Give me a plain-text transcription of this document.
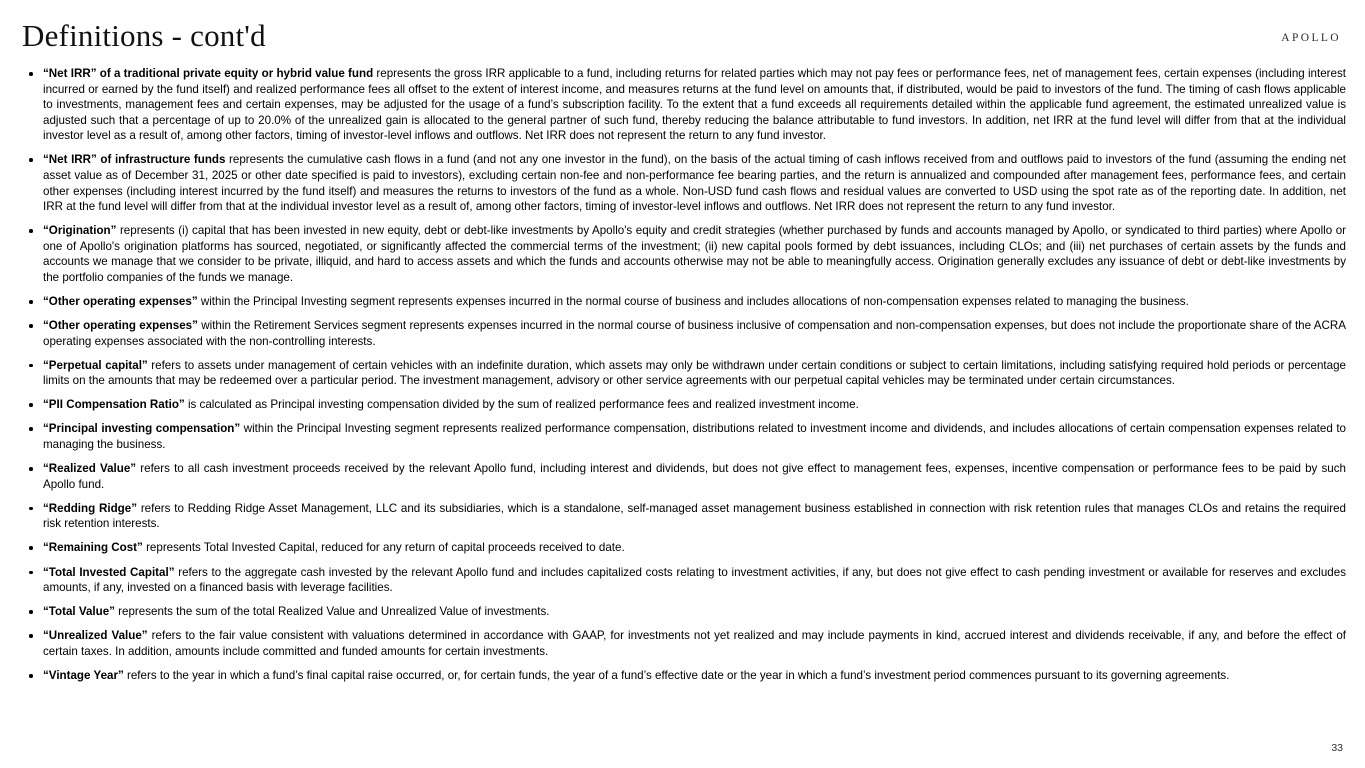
Definitions - cont'd	APOLLO
“Net IRR” of a traditional private equity or hybrid value fund represents the gross IRR applicable to a fund, including returns for related parties which may not pay fees or performance fees, net of management fees, certain expenses (including interest incurred or earned by the fund itself) and realized performance fees all offset to the extent of interest income, and measures returns at the fund level on amounts that, if distributed, would be paid to investors of the fund. The timing of cash flows applicable to investments, management fees and certain expenses, may be adjusted for the usage of a fund’s subscription facility. To the extent that a fund exceeds all requirements detailed within the applicable fund agreement, the estimated unrealized value is adjusted such that a percentage of up to 20.0% of the unrealized gain is allocated to the general partner of such fund, thereby reducing the balance attributable to fund investors. In addition, net IRR at the fund level will differ from that at the individual investor level as a result of, among other factors, timing of investor-level inflows and outflows. Net IRR does not represent the return to any fund investor.
“Net IRR” of infrastructure funds represents the cumulative cash flows in a fund (and not any one investor in the fund), on the basis of the actual timing of cash inflows received from and outflows paid to investors of the fund (assuming the ending net asset value as of December 31, 2025 or other date specified is paid to investors), excluding certain non-fee and non-performance fee bearing parties, and the return is annualized and compounded after management fees, performance fees, and certain other expenses (including interest incurred by the fund itself) and measures the returns to investors of the fund as a whole. Non-USD fund cash flows and residual values are converted to USD using the spot rate as of the reporting date. In addition, net IRR at the fund level will differ from that at the individual investor level as a result of, among other factors, timing of investor-level inflows and outflows. Net IRR does not represent the return to any fund investor.
“Origination” represents (i) capital that has been invested in new equity, debt or debt-like investments by Apollo's equity and credit strategies (whether purchased by funds and accounts managed by Apollo, or syndicated to third parties) where Apollo or one of Apollo's origination platforms has sourced, negotiated, or significantly affected the commercial terms of the investment; (ii) new capital pools formed by debt issuances, including CLOs; and (iii) net purchases of certain assets by the funds and accounts we manage that we consider to be private, illiquid, and hard to access assets and which the funds and accounts otherwise may not be able to meaningfully access. Origination generally excludes any issuance of debt or debt-like investments by the portfolio companies of the funds we manage.
“Other operating expenses” within the Principal Investing segment represents expenses incurred in the normal course of business and includes allocations of non-compensation expenses related to managing the business.
“Other operating expenses” within the Retirement Services segment represents expenses incurred in the normal course of business inclusive of compensation and non-compensation expenses, but does not include the proportionate share of the ACRA operating expenses associated with the non-controlling interests.
“Perpetual capital” refers to assets under management of certain vehicles with an indefinite duration, which assets may only be withdrawn under certain conditions or subject to certain limitations, including satisfying required hold periods or percentage limits on the amounts that may be redeemed over a particular period. The investment management, advisory or other service agreements with our perpetual capital vehicles may be terminated under certain circumstances.
“PII Compensation Ratio” is calculated as Principal investing compensation divided by the sum of realized performance fees and realized investment income.
“Principal investing compensation” within the Principal Investing segment represents realized performance compensation, distributions related to investment income and dividends, and includes allocations of certain compensation expenses related to managing the business.
“Realized Value” refers to all cash investment proceeds received by the relevant Apollo fund, including interest and dividends, but does not give effect to management fees, expenses, incentive compensation or performance fees to be paid by such Apollo fund.
“Redding Ridge” refers to Redding Ridge Asset Management, LLC and its subsidiaries, which is a standalone, self-managed asset management business established in connection with risk retention rules that manages CLOs and retains the required risk retention interests.
“Remaining Cost” represents Total Invested Capital, reduced for any return of capital proceeds received to date.
“Total Invested Capital” refers to the aggregate cash invested by the relevant Apollo fund and includes capitalized costs relating to investment activities, if any, but does not give effect to cash pending investment or available for reserves and excludes amounts, if any, invested on a financed basis with leverage facilities.
“Total Value” represents the sum of the total Realized Value and Unrealized Value of investments.
“Unrealized Value” refers to the fair value consistent with valuations determined in accordance with GAAP, for investments not yet realized and may include payments in kind, accrued interest and dividends receivable, if any, and before the effect of certain taxes. In addition, amounts include committed and funded amounts for certain investments.
“Vintage Year” refers to the year in which a fund’s final capital raise occurred, or, for certain funds, the year of a fund’s effective date or the year in which a fund’s investment period commences pursuant to its governing agreements.
33
